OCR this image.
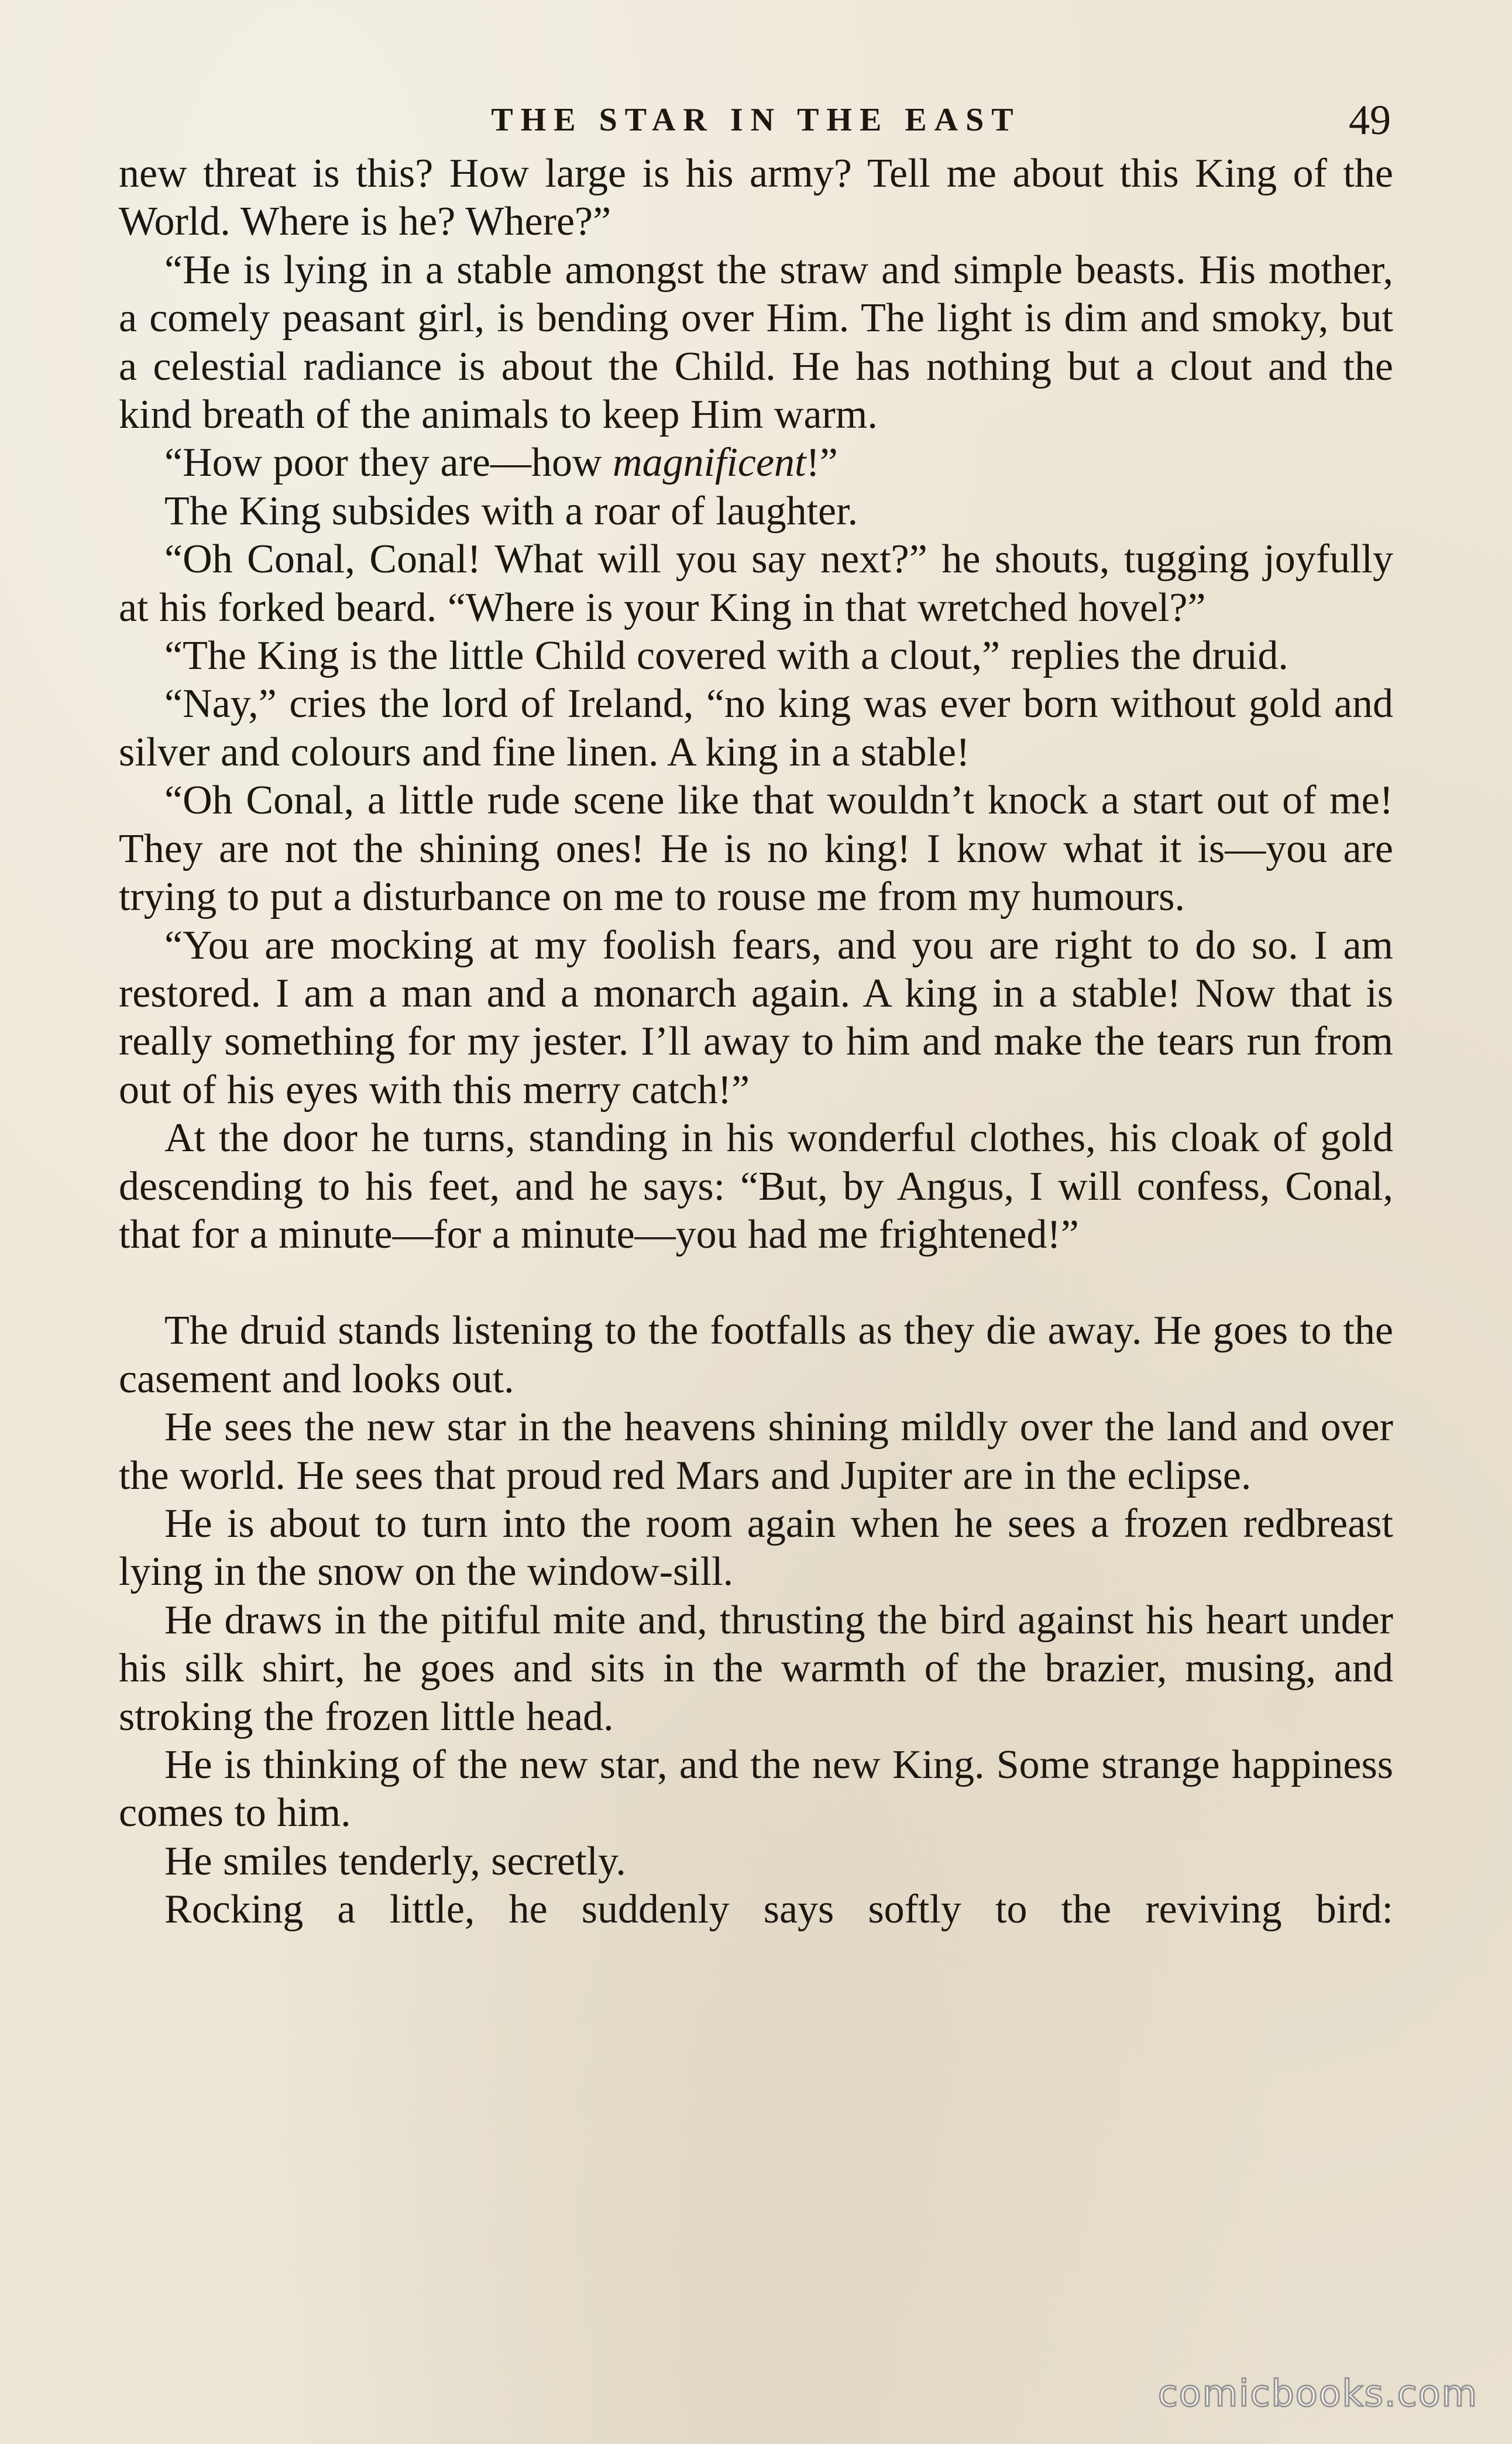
THE STAR IN THE EAST	49

new threat is this? How large is his army? Tell me about this King of the World. Where is he? Where?”

“He is lying in a stable amongst the straw and simple beasts. His mother, a comely peasant girl, is bending over Him. The light is dim and smoky, but a celestial radiance is about the Child. He has nothing but a clout and the kind breath of the animals to keep Him warm.

“How poor they are—how magnificent!”

The King subsides with a roar of laughter.

“Oh Conal, Conal! What will you say next?” he shouts, tugging joyfully at his forked beard. “Where is your King in that wretched hovel?”

“The King is the little Child covered with a clout,” replies the druid.

“Nay,” cries the lord of Ireland, “no king was ever born without gold and silver and colours and fine linen. A king in a stable!

“Oh Conal, a little rude scene like that wouldn’t knock a start out of me! They are not the shining ones! He is no king! I know what it is—you are trying to put a disturbance on me to rouse me from my humours.

“You are mocking at my foolish fears, and you are right to do so. I am restored. I am a man and a monarch again. A king in a stable! Now that is really something for my jester. I’ll away to him and make the tears run from out of his eyes with this merry catch!”

At the door he turns, standing in his wonderful clothes, his cloak of gold descending to his feet, and he says: “But, by Angus, I will confess, Conal, that for a minute—for a minute—you had me frightened!”

The druid stands listening to the footfalls as they die away. He goes to the casement and looks out.

He sees the new star in the heavens shining mildly over the land and over the world. He sees that proud red Mars and Jupiter are in the eclipse.

He is about to turn into the room again when he sees a frozen redbreast lying in the snow on the window-sill.

He draws in the pitiful mite and, thrusting the bird against his heart under his silk shirt, he goes and sits in the warmth of the brazier, musing, and stroking the frozen little head.

He is thinking of the new star, and the new King. Some strange happiness comes to him.

He smiles tenderly, secretly.

Rocking a little, he suddenly says softly to the reviving bird:

comicbooks.com
